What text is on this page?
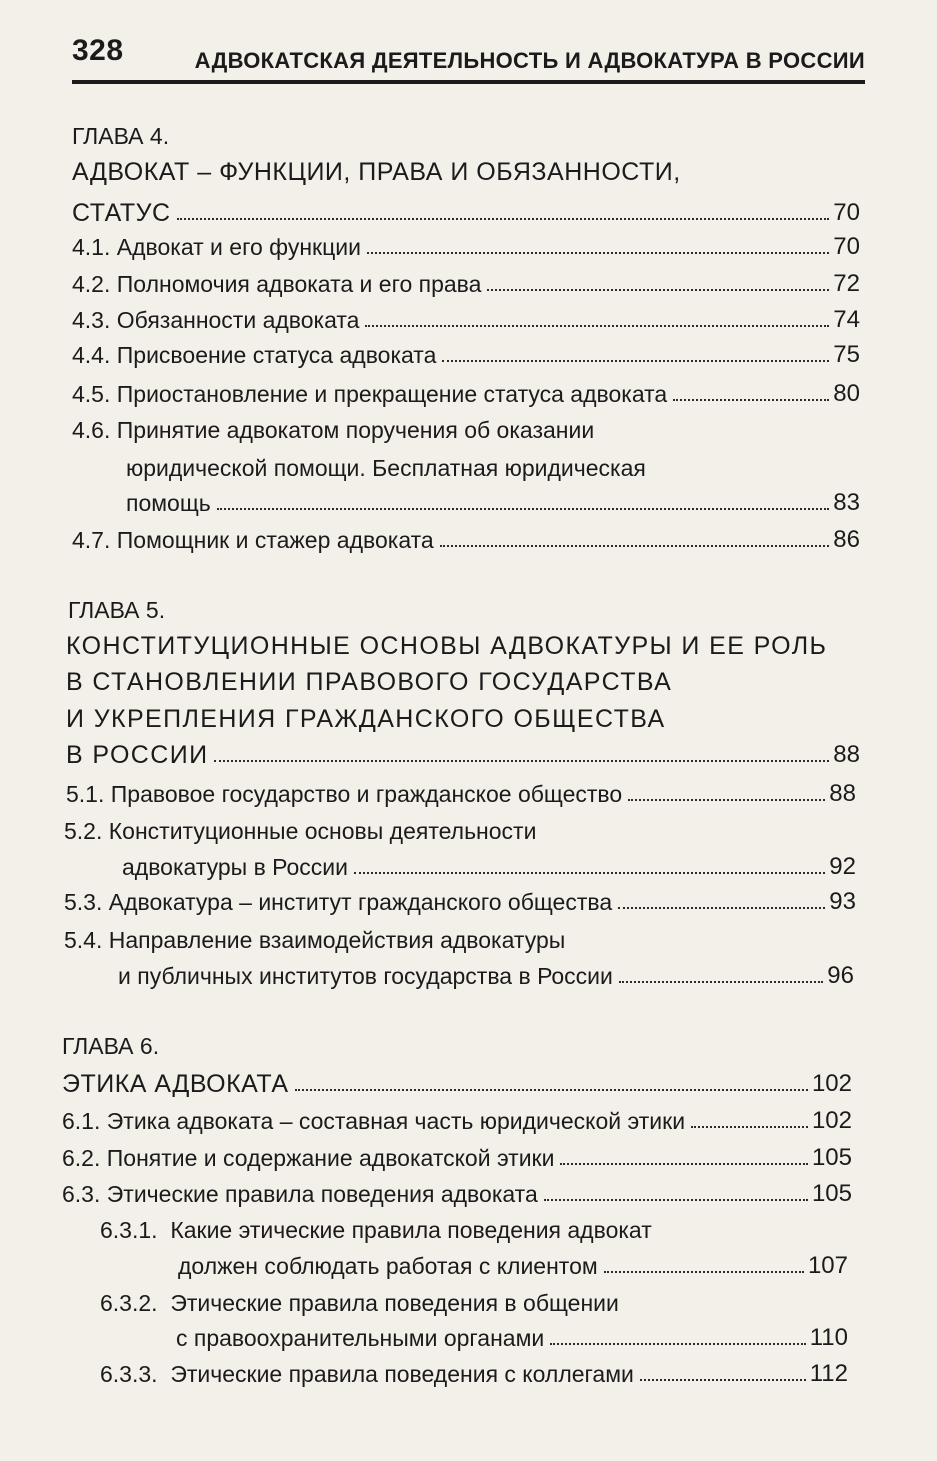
328	АДВОКАТСКАЯ ДЕЯТЕЛЬНОСТЬ И АДВОКАТУРА В РОССИИ
ГЛАВА 4.
АДВОКАТ – ФУНКЦИИ, ПРАВА И ОБЯЗАННОСТИ,
СТАТУС	70
4.1. Адвокат и его функции	70
4.2. Полномочия адвоката и его права	72
4.3. Обязанности адвоката	74
4.4. Присвоение статуса адвоката	75
4.5. Приостановление и прекращение статуса адвоката	80
4.6. Принятие адвокатом поручения об оказании
юридической помощи. Бесплатная юридическая
помощь	83
4.7. Помощник и стажер адвоката	86
ГЛАВА 5.
КОНСТИТУЦИОННЫЕ ОСНОВЫ АДВОКАТУРЫ И ЕЕ РОЛЬ
В СТАНОВЛЕНИИ ПРАВОВОГО ГОСУДАРСТВА
И УКРЕПЛЕНИЯ ГРАЖДАНСКОГО ОБЩЕСТВА
В РОССИИ	88
5.1. Правовое государство и гражданское общество	88
5.2. Конституционные основы деятельности
адвокатуры в России	92
5.3. Адвокатура – институт гражданского общества	93
5.4. Направление взаимодействия адвокатуры
и публичных институтов государства в России	96
ГЛАВА 6.
ЭТИКА АДВОКАТА	102
6.1. Этика адвоката – составная часть юридической этики	102
6.2. Понятие и содержание адвокатской этики	105
6.3. Этические правила поведения адвоката	105
6.3.1. Какие этические правила поведения адвокат
должен соблюдать работая с клиентом	107
6.3.2. Этические правила поведения в общении
с правоохранительными органами	110
6.3.3. Этические правила поведения с коллегами	112
